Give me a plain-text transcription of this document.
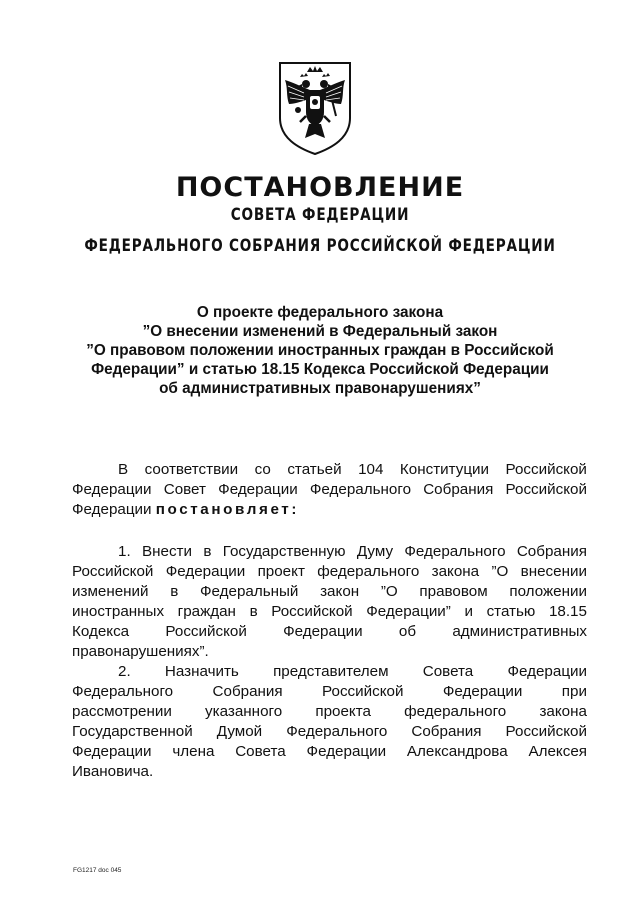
ПОСТАНОВЛЕНИЕ
СОВЕТА ФЕДЕРАЦИИ
ФЕДЕРАЛЬНОГО СОБРАНИЯ РОССИЙСКОЙ ФЕДЕРАЦИИ
О проекте федерального закона
”О внесении изменений в Федеральный закон
”О правовом положении иностранных граждан в Российской
Федерации” и статью 18.15 Кодекса Российской Федерации
об административных правонарушениях”
В соответствии со статьей 104 Конституции Российской
Федерации Совет Федерации Федерального Собрания Российской
Федерации
постановляет:
1. Внести в Государственную Думу Федерального Собрания
Российской Федерации проект федерального закона ”О внесении
изменений в Федеральный закон ”О правовом положении
иностранных граждан в Российской Федерации” и статью 18.15
Кодекса Российской Федерации об административных
правонарушениях”.
2. Назначить представителем Совета Федерации
Федерального	Собрания	Российской	Федерации	при
рассмотрении указанного проекта федерального закона
Государственной Думой Федерального Собрания Российской
Федерации члена Совета Федерации Александрова Алексея
Ивановича.
FG1217 doc 045
